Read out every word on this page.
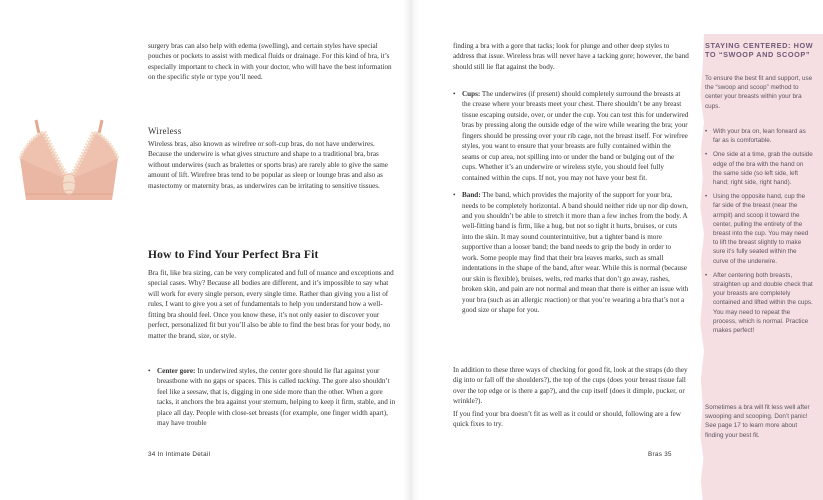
surgery bras can also help with edema (swelling), and certain styles have special pouches or pockets to assist with medical fluids or drainage. For this kind of bra, it’s especially important to check in with your doctor, who will have the best information on the specific style or type you’ll need.

Wireless

Wireless bras, also known as wirefree or soft-cup bras, do not have underwires. Because the underwire is what gives structure and shape to a traditional bra, bras without underwires (such as bralettes or sports bras) are rarely able to give the same amount of lift. Wirefree bras tend to be popular as sleep or lounge bras and also as mastectomy or maternity bras, as underwires can be irritating to sensitive tissues.

How to Find Your Perfect Bra Fit

Bra fit, like bra sizing, can be very complicated and full of nuance and exceptions and special cases. Why? Because all bodies are different, and it’s impossible to say what will work for every single person, every single time. Rather than giving you a list of rules, I want to give you a set of fundamentals to help you understand how a well-fitting bra should feel. Once you know these, it’s not only easier to discover your perfect, personalized fit but you’ll also be able to find the best bras for your body, no matter the brand, size, or style.

• Center gore: In underwired styles, the center gore should lie flat against your breastbone with no gaps or spaces. This is called tacking. The gore also shouldn’t feel like a seesaw, that is, digging in one side more than the other. When a gore tacks, it anchors the bra against your sternum, helping to keep it firm, stable, and in place all day. People with close-set breasts (for example, one finger width apart), may have trouble

34 In Intimate Detail

finding a bra with a gore that tacks; look for plunge and other deep styles to address that issue. Wireless bras will never have a tacking gore; however, the band should still lie flat against the body.

• Cups: The underwires (if present) should completely surround the breasts at the crease where your breasts meet your chest. There shouldn’t be any breast tissue escaping outside, over, or under the cup. You can test this for underwired bras by pressing along the outside edge of the wire while wearing the bra; your fingers should be pressing over your rib cage, not the breast itself. For wirefree styles, you want to ensure that your breasts are fully contained within the seams or cup area, not spilling into or under the band or bulging out of the cups. Whether it’s an underwire or wireless style, you should feel fully contained within the cups. If not, you may not have your best fit.
• Band: The band, which provides the majority of the support for your bra, needs to be completely horizontal. A band should neither ride up nor dip down, and you shouldn’t be able to stretch it more than a few inches from the body. A well-fitting band is firm, like a hug, but not so tight it hurts, bruises, or cuts into the skin. It may sound counterintuitive, but a tighter band is more supportive than a looser band; the band needs to grip the body in order to work. Some people may find that their bra leaves marks, such as small indentations in the shape of the band, after wear. While this is normal (because our skin is flexible), bruises, welts, red marks that don’t go away, rashes, broken skin, and pain are not normal and mean that there is either an issue with your bra (such as an allergic reaction) or that you’re wearing a bra that’s not a good size or shape for you.

In addition to these three ways of checking for good fit, look at the straps (do they dig into or fall off the shoulders?), the top of the cups (does your breast tissue fall over the top edge or is there a gap?), and the cup itself (does it dimple, pucker, or wrinkle?).

If you find your bra doesn’t fit as well as it could or should, following are a few quick fixes to try.

Bras 35

STAYING CENTERED: HOW TO “SWOOP AND SCOOP”

To ensure the best fit and support, use the “swoop and scoop” method to center your breasts within your bra cups.

• With your bra on, lean forward as far as is comfortable.
• One side at a time, grab the outside edge of the bra with the hand on the same side (so left side, left hand; right side, right hand).
• Using the opposite hand, cup the far side of the breast (near the armpit) and scoop it toward the center, pulling the entirety of the breast into the cup. You may need to lift the breast slightly to make sure it’s fully seated within the curve of the underwire.
• After centering both breasts, straighten up and double check that your breasts are completely contained and lifted within the cups. You may need to repeat the process, which is normal. Practice makes perfect!

Sometimes a bra will fit less well after swooping and scooping. Don’t panic! See page 17 to learn more about finding your best fit.
